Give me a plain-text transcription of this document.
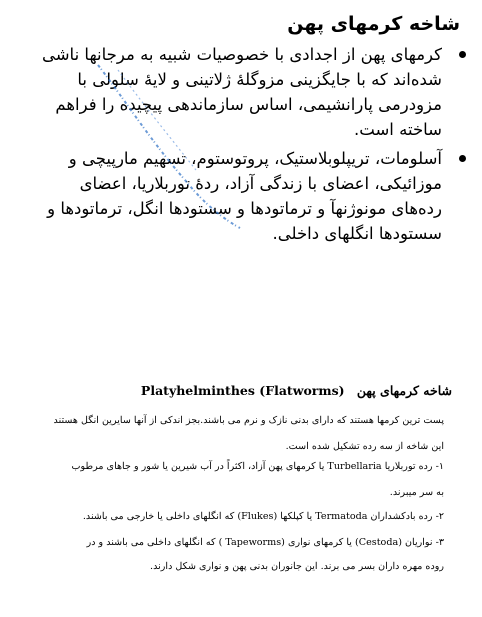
شاخه کرمهای پهن
کرمهای پهن از اجدادی با خصوصیات شبیه به مرجانها ناشی شده‌اند که با جایگزینی مزوگلهٔ ژلاتینی و لایهٔ سلولی با مزودرمی پارانشیمی، اساس سازماندهی پیچیده را فراهم ساخته است.
آسلومات، تریپلوبلاستیک، پروتوستوم، تسهیم مارپیچی و موزائیکی، اعضای با زندگی آزاد، ردهٔ توربلاریا، اعضای رده‌های مونوژنهآ و ترماتودها و سستودها انگل، ترماتودها و سستودها انگلهای داخلی.
شاخه کرمهای پهن Platyhelminthes (Flatworms)

پست ترین کرمها هستند که دارای بدنی نازک و نرم می باشند.بجز اندکی از آنها سایرین انگل هستند

این شاخه از سه رده تشکیل شده است.

۱- رده توربلاریا Turbellaria یا کرمهای پهن آزاد، اکثراً در آب شیرین یا شور و جاهای مرطوب

به سر میبرند.

۲- رده بادکشداران Termatoda یا کپلکها (Flukes) که انگلهای داخلی یا خارجی می باشند.

۳- نواریان (Cestoda) یا کرمهای نواری (Tapeworms ) که انگلهای داخلی می باشند و در

روده مهره داران بسر می برند. این جانوران بدنی پهن و نواری شکل دارند.
